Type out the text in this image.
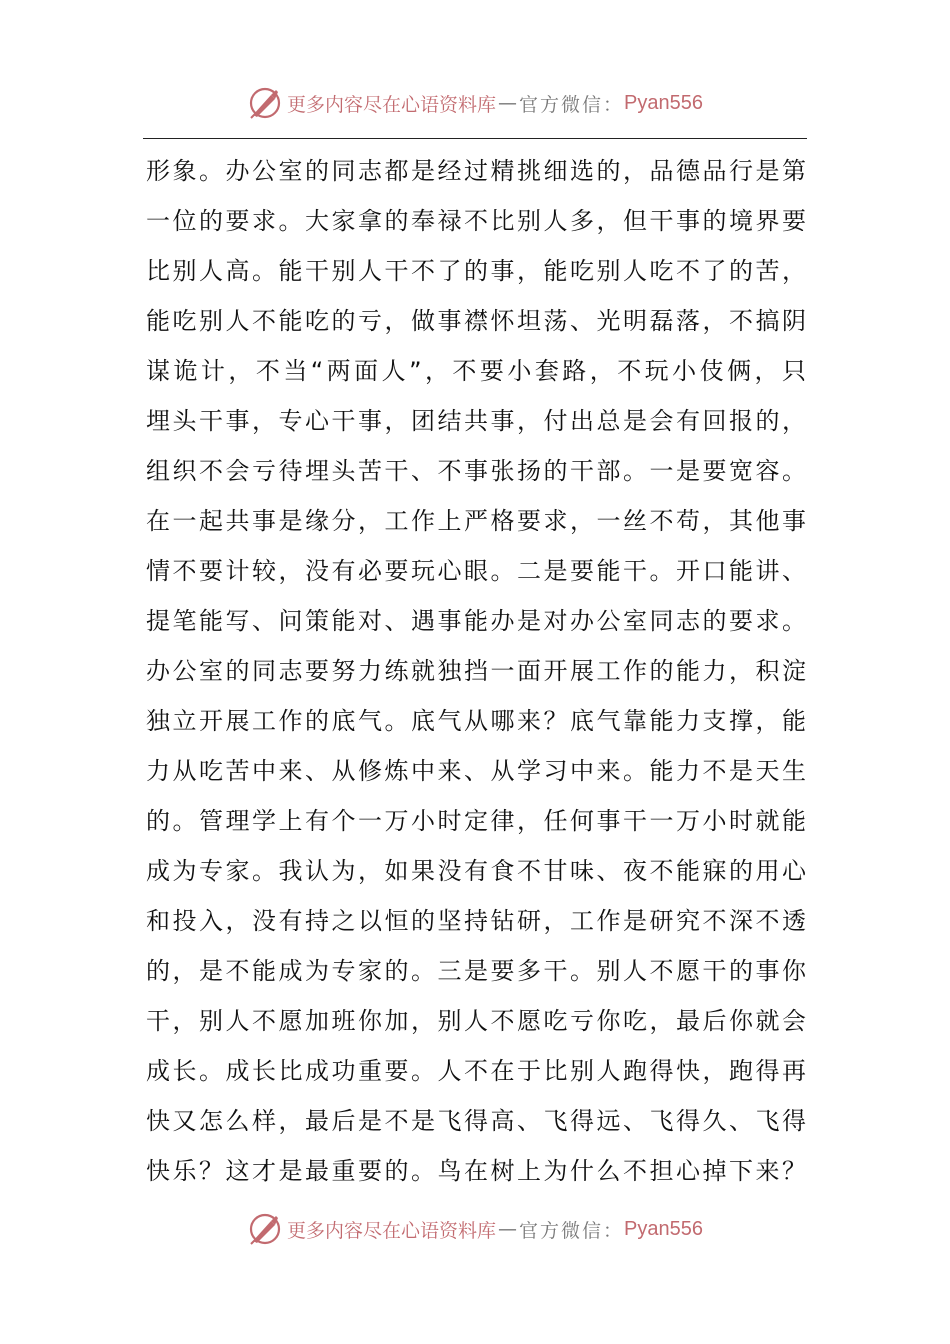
更多内容尽在心语资料库 — 官方微信： Pyan556
形象。办公室的同志都是经过精挑细选的，品德品行是第
一位的要求。大家拿的奉禄不比别人多，但干事的境界要
比别人高。能干别人干不了的事，能吃别人吃不了的苦，
能吃别人不能吃的亏，做事襟怀坦荡、光明磊落，不搞阴
谋诡计，不当“两面人”，不要小套路，不玩小伎俩，只
埋头干事，专心干事，团结共事，付出总是会有回报的，
组织不会亏待埋头苦干、不事张扬的干部。一是要宽容。
在一起共事是缘分，工作上严格要求，一丝不苟，其他事
情不要计较，没有必要玩心眼。二是要能干。开口能讲、
提笔能写、问策能对、遇事能办是对办公室同志的要求。
办公室的同志要努力练就独挡一面开展工作的能力，积淀
独立开展工作的底气。底气从哪来？底气靠能力支撑，能
力从吃苦中来、从修炼中来、从学习中来。能力不是天生
的。管理学上有个一万小时定律，任何事干一万小时就能
成为专家。我认为，如果没有食不甘味、夜不能寐的用心
和投入，没有持之以恒的坚持钻研，工作是研究不深不透
的，是不能成为专家的。三是要多干。别人不愿干的事你
干，别人不愿加班你加，别人不愿吃亏你吃，最后你就会
成长。成长比成功重要。人不在于比别人跑得快，跑得再
快又怎么样，最后是不是飞得高、飞得远、飞得久、飞得
快乐？这才是最重要的。鸟在树上为什么不担心掉下来？
更多内容尽在心语资料库 — 官方微信： Pyan556
